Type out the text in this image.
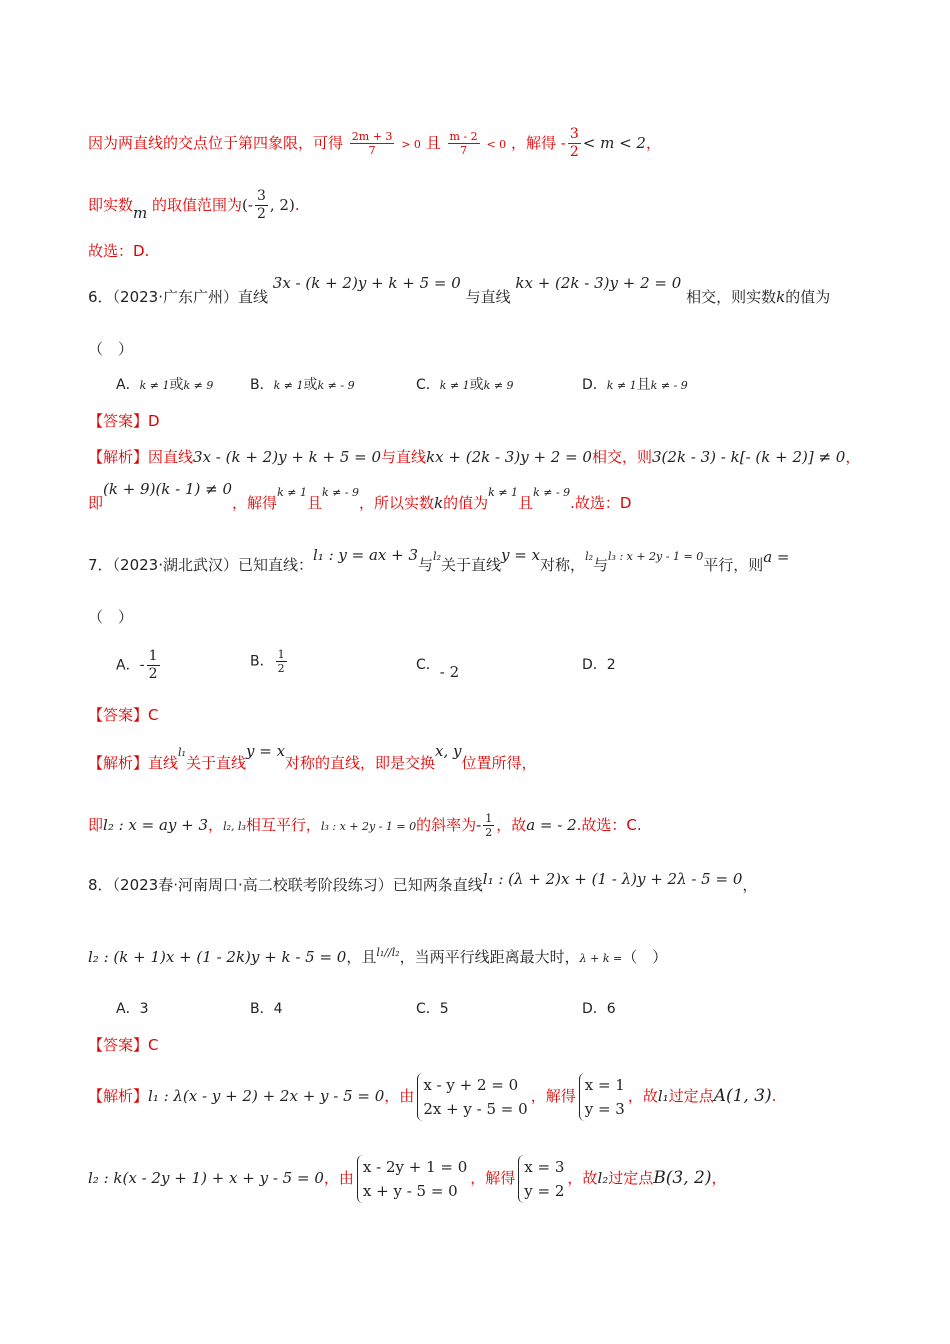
因为两直线的交点位于第四象限，可得 $\frac{2m + 3}{7} > 0$ 且 $\frac{m - 2}{7} < 0$ ，解得 - $\frac{3}{2} < m < 2$，
即实数m 的取值范围为(- $\frac{3}{2}$ , 2).
故选：D.
6．（2023·广东广州）直线 3x - (k + 2)y + k + 5 = 0 与直线 kx + (2k - 3)y + 2 = 0 相交，则实数k的值为
（　）
A．k ≠ 1或k ≠ 9	B．k ≠ 1或k ≠ - 9	C．k ≠ 1或k ≠ 9	D．k ≠ 1且k ≠ - 9
【答案】D
【解析】因直线3x - (k + 2)y + k + 5 = 0与直线kx + (2k - 3)y + 2 = 0相交，则3(2k - 3) - k[- (k + 2)] ≠ 0，
即(k + 9)(k - 1) ≠ 0，解得$^{k \ne 1}$且$^{k \ne - 9}$，所以实数k的值为$^{k \ne 1}$且$^{k \ne - 9}$.故选：D
7．（2023·湖北武汉）已知直线：l₁ : y = ax + 3与$^{l_2}$关于直线y = x对称，$^{l_2}$与$^{l_3 : x + 2y - 1 = 0}$平行，则a =
（　）
A．- $\frac{1}{2}$	B． $\frac{1}{2}$	C．- 2	D．2
【答案】C
【解析】直线$^{l_1}$关于直线y = x对称的直线，即是交换x, y位置所得，
即l₂ : x = ay + 3，l₂, l₃相互平行，l₃ : x + 2y - 1 = 0的斜率为- $\frac{1}{2}$ ，故a = - 2.故选：C.
8．（2023春·河南周口·高二校联考阶段练习）已知两条直线l₁ : (λ + 2)x + (1 - λ)y + 2λ - 5 = 0，
l₂ : (k + 1)x + (1 - 2k)y + k - 5 = 0，且$^{l_1//l_2}$，当两平行线距离最大时，λ + k =（　）
A．3	B．4	C．5	D．6
【答案】C
【解析】l₁ : λ(x - y + 2) + 2x + y - 5 = 0，由
x - y + 2 = 0
2x + y - 5 = 0
，解得
x = 1
y = 3
，故l₁过定点A(1, 3).
l₂ : k(x - 2y + 1) + x + y - 5 = 0，由
x - 2y + 1 = 0
x + y - 5 = 0
，解得
x = 3
y = 2
，故l₂过定点B(3, 2)，
